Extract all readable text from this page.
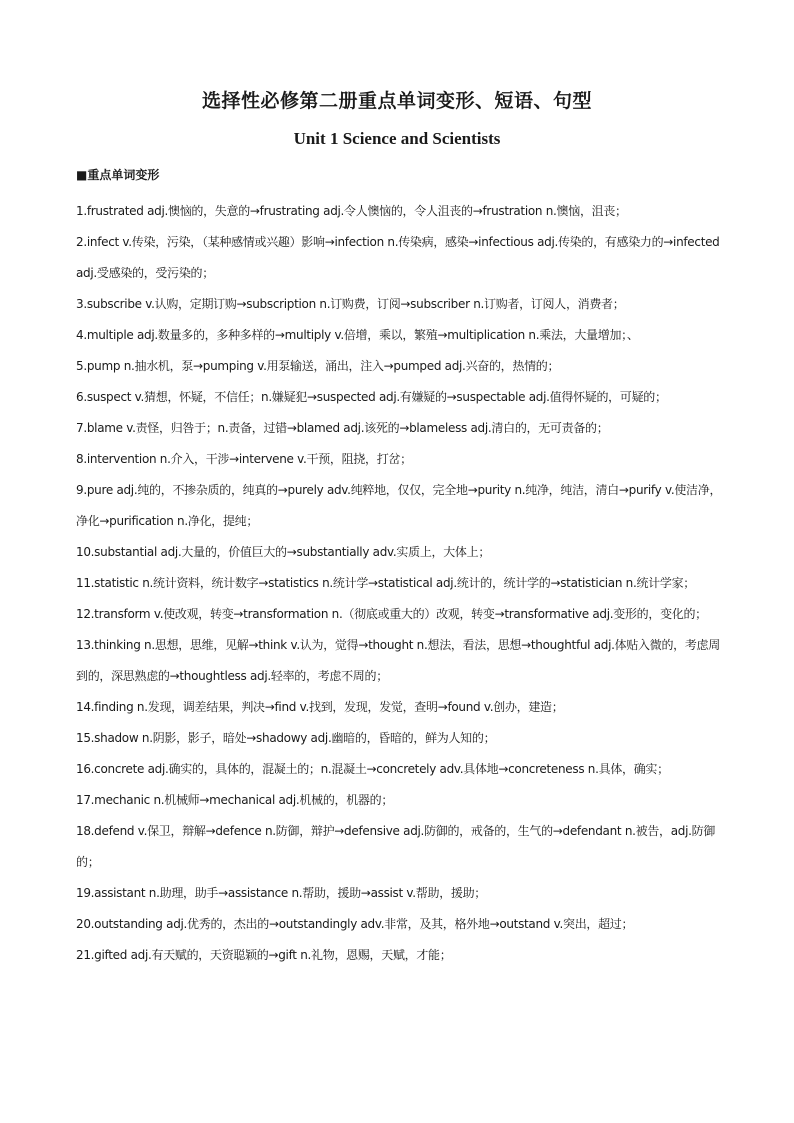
选择性必修第二册重点单词变形、短语、句型
Unit 1 Science and Scientists
■重点单词变形
1.frustrated adj.懊恼的，失意的→frustrating adj.令人懊恼的，令人沮丧的→frustration n.懊恼，沮丧；
2.infect v.传染，污染，（某种感情或兴趣）影响→infection n.传染病，感染→infectious adj.传染的，有感染力的→infected adj.受感染的，受污染的；
3.subscribe v.认购，定期订购→subscription n.订购费，订阅→subscriber n.订购者，订阅人，消费者；
4.multiple adj.数量多的，多种多样的→multiply v.倍增，乘以，繁殖→multiplication n.乘法，大量增加；、
5.pump n.抽水机，泵→pumping v.用泵输送，涌出，注入→pumped adj.兴奋的，热情的；
6.suspect v.猜想，怀疑，不信任；n.嫌疑犯→suspected adj.有嫌疑的→suspectable adj.值得怀疑的，可疑的；
7.blame v.责怪，归咎于；n.责备，过错→blamed adj.该死的→blameless adj.清白的，无可责备的；
8.intervention n.介入，干涉→intervene v.干预，阻挠，打岔；
9.pure adj.纯的，不掺杂质的，纯真的→purely adv.纯粹地，仅仅，完全地→purity n.纯净，纯洁，清白→purify v.使洁净，净化→purification n.净化，提纯；
10.substantial adj.大量的，价值巨大的→substantially adv.实质上，大体上；
11.statistic n.统计资料，统计数字→statistics n.统计学→statistical adj.统计的，统计学的→statistician n.统计学家；
12.transform v.使改观，转变→transformation n.（彻底或重大的）改观，转变→transformative adj.变形的，变化的；
13.thinking n.思想，思维，见解→think v.认为，觉得→thought n.想法，看法，思想→thoughtful adj.体贴入微的，考虑周到的，深思熟虑的→thoughtless adj.轻率的，考虑不周的；
14.finding n.发现，调差结果，判决→find v.找到，发现，发觉，查明→found v.创办，建造；
15.shadow n.阴影，影子，暗处→shadowy adj.幽暗的，昏暗的，鲜为人知的；
16.concrete adj.确实的，具体的，混凝土的；n.混凝土→concretely adv.具体地→concreteness n.具体，确实；
17.mechanic n.机械师→mechanical adj.机械的，机器的；
18.defend v.保卫，辩解→defence n.防御，辩护→defensive adj.防御的，戒备的，生气的→defendant n.被告，adj.防御的；
19.assistant n.助理，助手→assistance n.帮助，援助→assist v.帮助，援助；
20.outstanding adj.优秀的，杰出的→outstandingly adv.非常，及其，格外地→outstand v.突出，超过；
21.gifted adj.有天赋的，天资聪颖的→gift n.礼物，恩赐，天赋，才能；
